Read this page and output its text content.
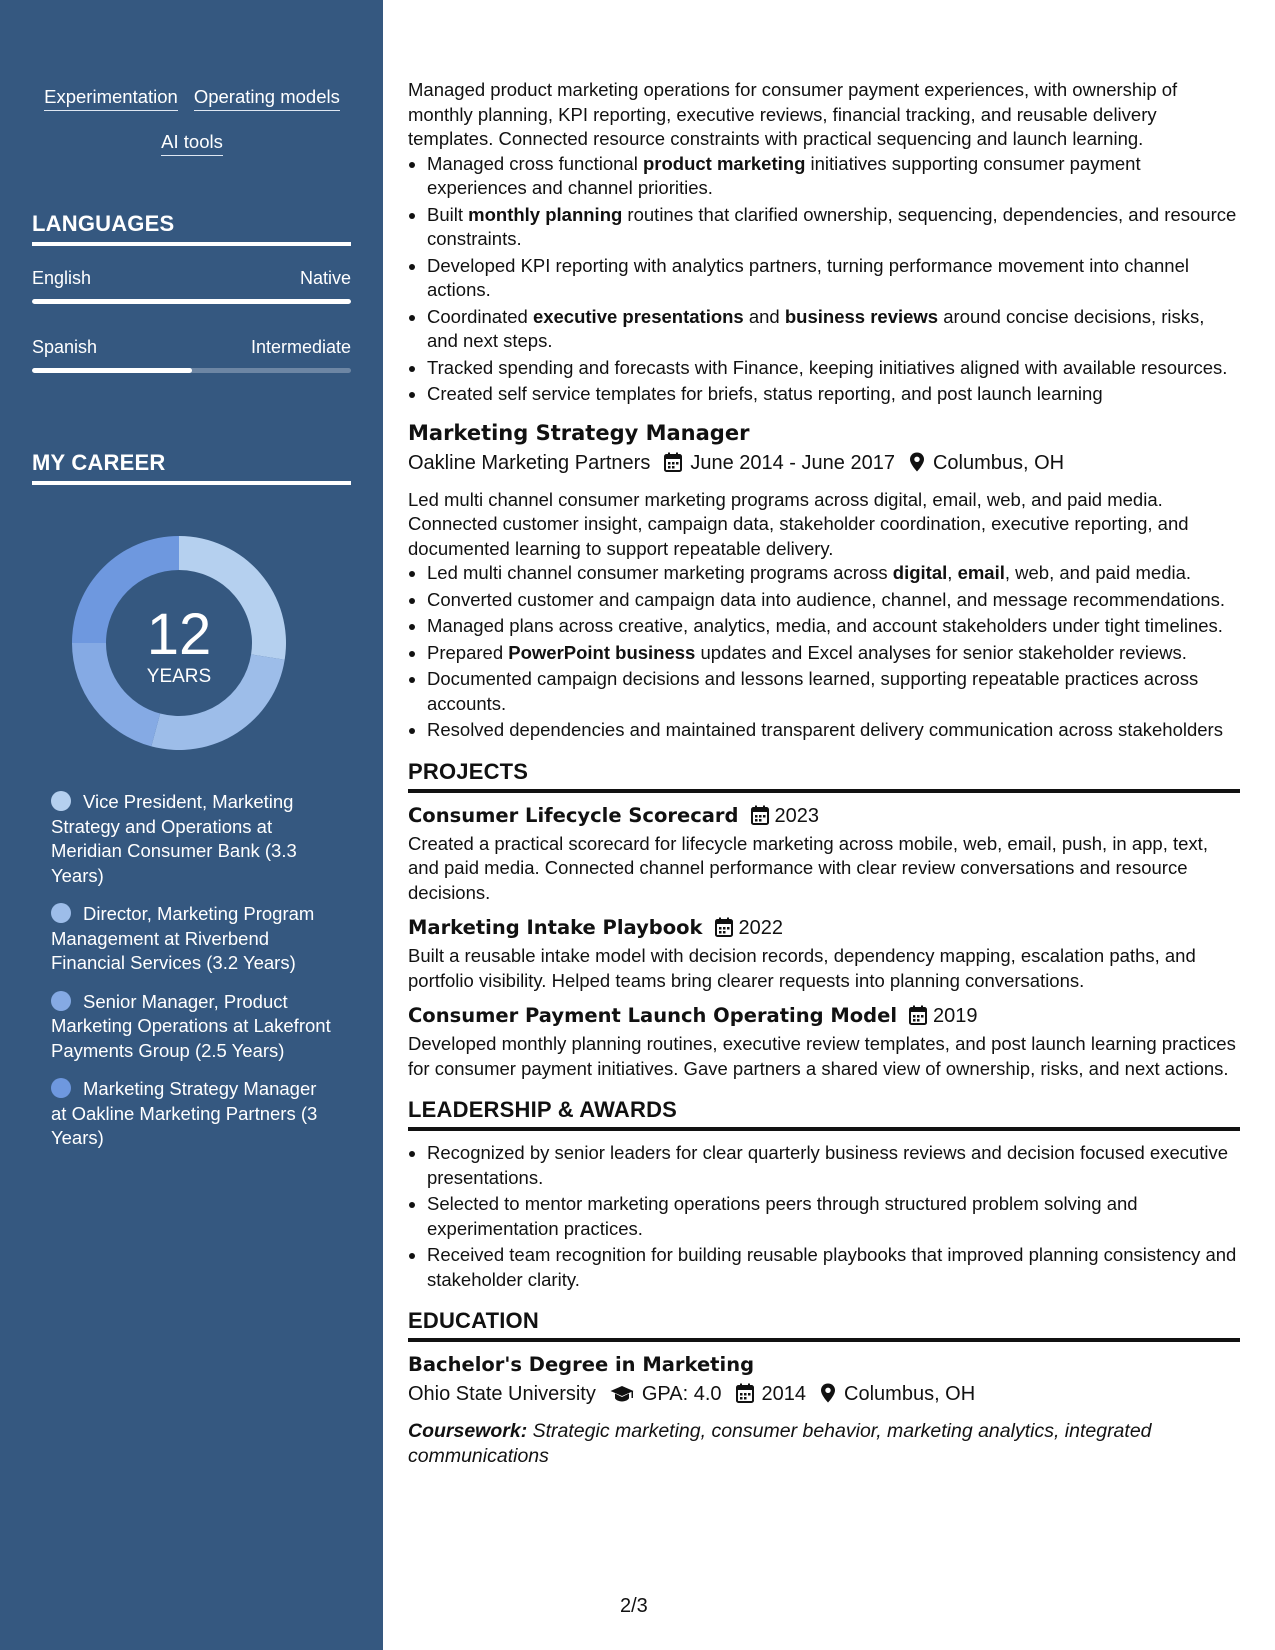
Experimentation Operating models
AI tools
LANGUAGES
English	Native
Spanish	Intermediate
MY CAREER
12
YEARS
Vice President, Marketing Strategy and Operations at Meridian Consumer Bank (3.3 Years)
Director, Marketing Program Management at Riverbend Financial Services (3.2 Years)
Senior Manager, Product Marketing Operations at Lakefront Payments Group (2.5 Years)
Marketing Strategy Manager at Oakline Marketing Partners (3 Years)

Managed product marketing operations for consumer payment experiences, with ownership of monthly planning, KPI reporting, executive reviews, financial tracking, and reusable delivery templates. Connected resource constraints with practical sequencing and launch learning.

• Managed cross functional product marketing initiatives supporting consumer payment experiences and channel priorities.
• Built monthly planning routines that clarified ownership, sequencing, dependencies, and resource constraints.
• Developed KPI reporting with analytics partners, turning performance movement into channel actions.
• Coordinated executive presentations and business reviews around concise decisions, risks, and next steps.
• Tracked spending and forecasts with Finance, keeping initiatives aligned with available resources.
• Created self service templates for briefs, status reporting, and post launch learning
Marketing Strategy Manager
Oakline Marketing Partners June 2014 - June 2017 Columbus, OH

Led multi channel consumer marketing programs across digital, email, web, and paid media. Connected customer insight, campaign data, stakeholder coordination, executive reporting, and documented learning to support repeatable delivery.

• Led multi channel consumer marketing programs across digital, email, web, and paid media.
• Converted customer and campaign data into audience, channel, and message recommendations.
• Managed plans across creative, analytics, media, and account stakeholders under tight timelines.
• Prepared PowerPoint business updates and Excel analyses for senior stakeholder reviews.
• Documented campaign decisions and lessons learned, supporting repeatable practices across accounts.
• Resolved dependencies and maintained transparent delivery communication across stakeholders
PROJECTS
Consumer Lifecycle Scorecard 2023

Created a practical scorecard for lifecycle marketing across mobile, web, email, push, in app, text, and paid media. Connected channel performance with clear review conversations and resource decisions.

Marketing Intake Playbook 2022

Built a reusable intake model with decision records, dependency mapping, escalation paths, and portfolio visibility. Helped teams bring clearer requests into planning conversations.

Consumer Payment Launch Operating Model 2019

Developed monthly planning routines, executive review templates, and post launch learning practices for consumer payment initiatives. Gave partners a shared view of ownership, risks, and next actions.

LEADERSHIP & AWARDS
• Recognized by senior leaders for clear quarterly business reviews and decision focused executive presentations.
• Selected to mentor marketing operations peers through structured problem solving and experimentation practices.
• Received team recognition for building reusable playbooks that improved planning consistency and stakeholder clarity.
EDUCATION
Bachelor's Degree in Marketing
Ohio State University GPA: 4.0 2014 Columbus, OH
Coursework: Strategic marketing, consumer behavior, marketing analytics, integrated communications
2/3
